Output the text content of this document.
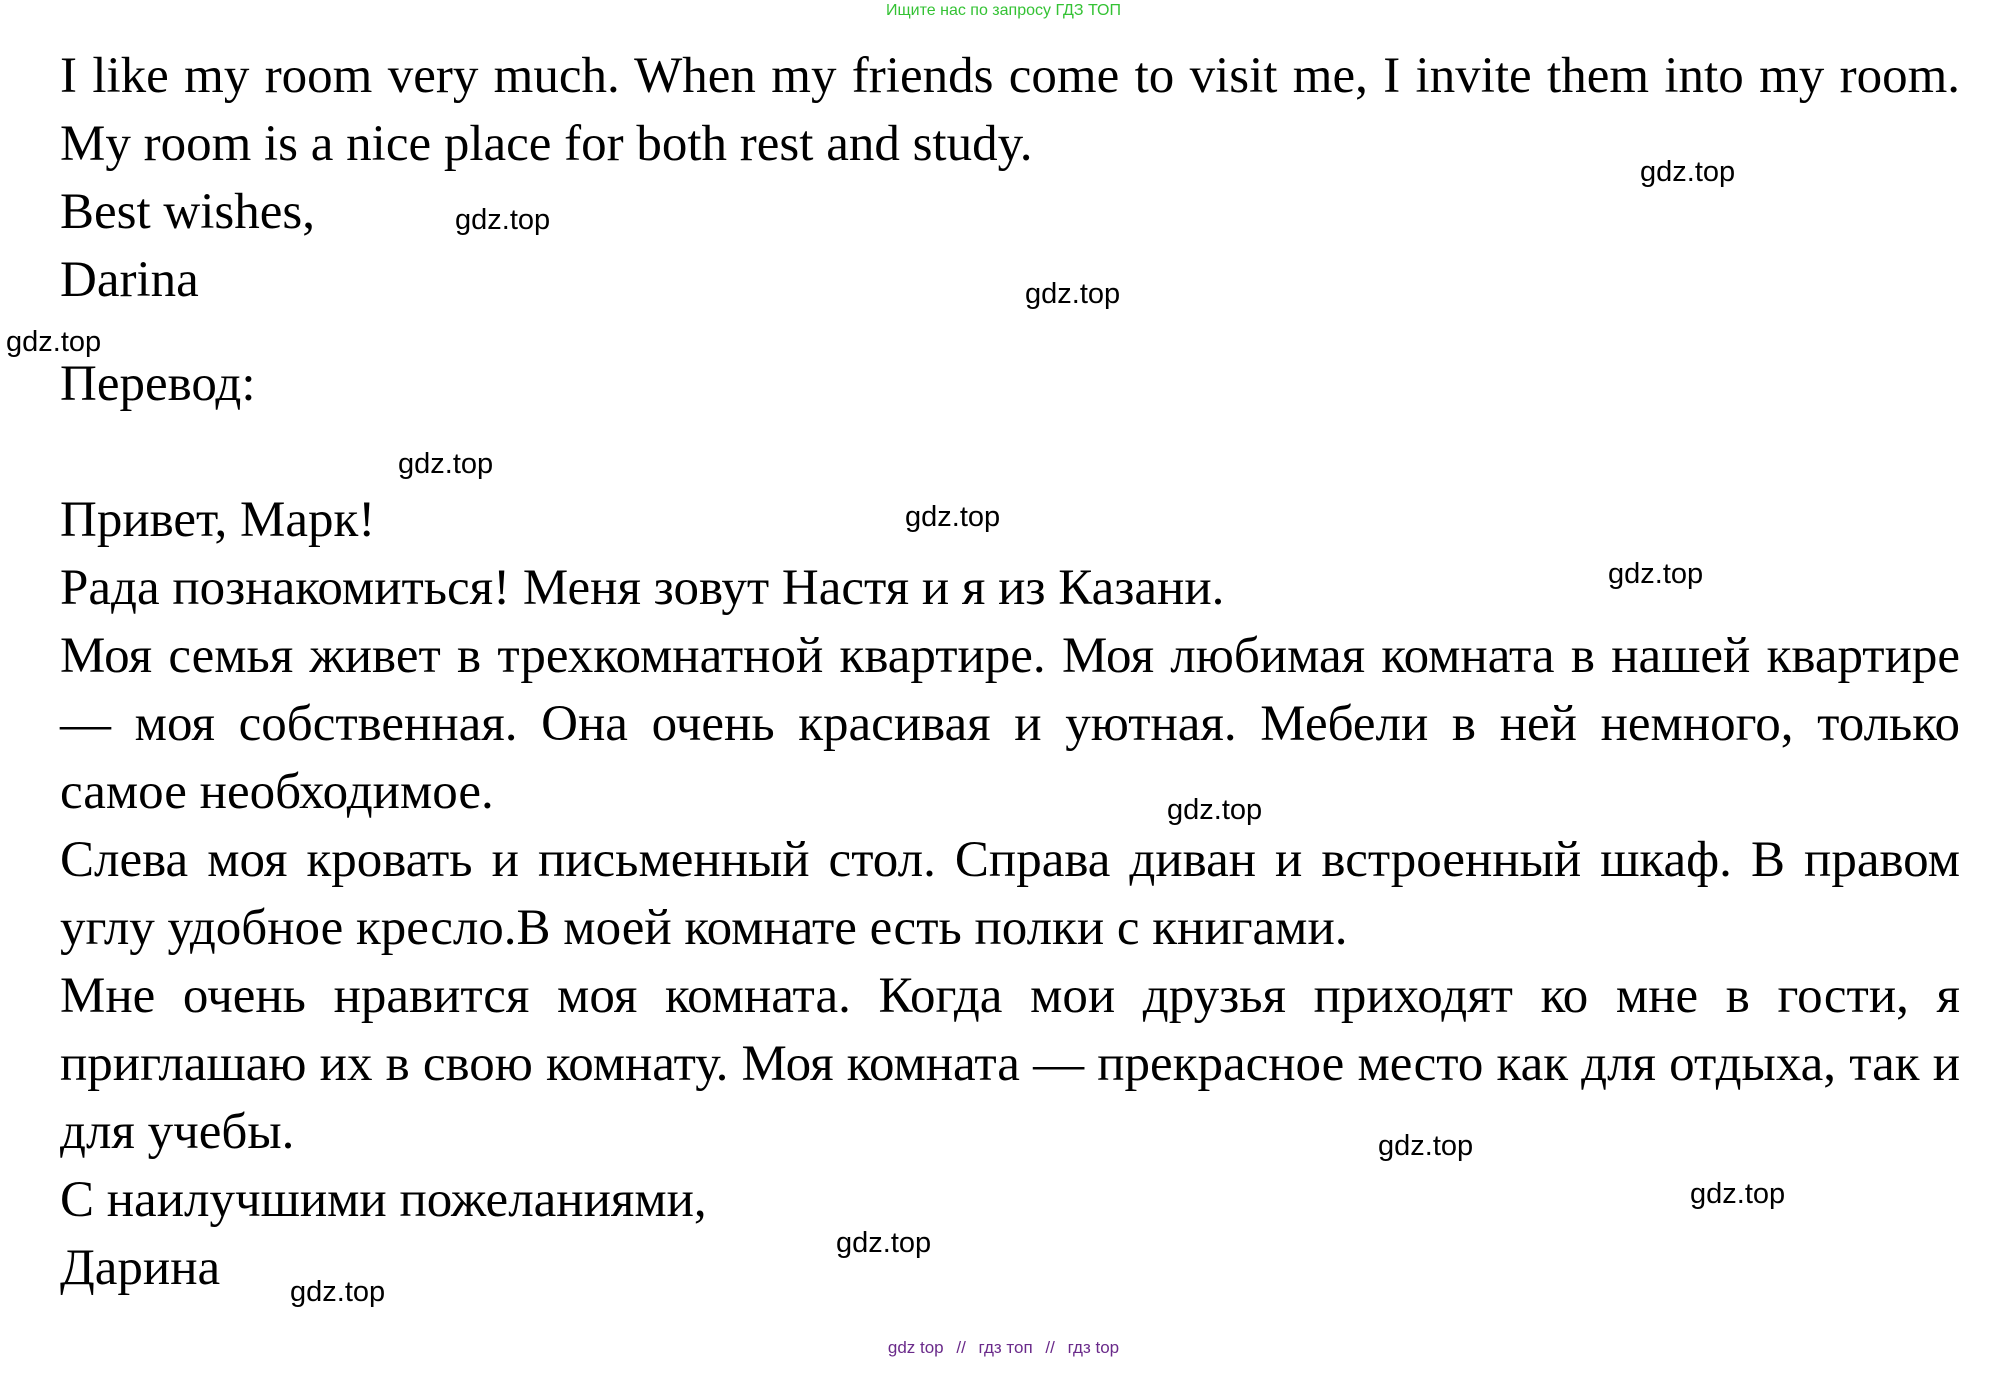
Ищите нас по запросу ГДЗ ТОП

I like my room very much. When my friends come to visit me, I invite them into my room. My room is a nice place for both rest and study.

Best wishes,

Darina

Перевод:

Привет, Марк!

Рада познакомиться! Меня зовут Настя и я из Казани.

Моя семья живет в трехкомнатной квартире. Моя любимая комната в нашей квартире — моя собственная. Она очень красивая и уютная. Мебели в ней немного, только самое необходимое.

Слева моя кровать и письменный стол. Справа диван и встроенный шкаф. В правом углу удобное кресло.В моей комнате есть полки с книгами.

Мне очень нравится моя комната. Когда мои друзья приходят ко мне в гости, я приглашаю их в свою комнату. Моя комната — прекрасное место как для отдыха, так и для учебы.

С наилучшими пожеланиями,

Дарина

gdz.top
gdz.top
gdz.top
gdz.top
gdz.top
gdz.top
gdz.top
gdz.top
gdz.top
gdz.top
gdz.top
gdz.top
gdz top // гдз топ // гдз top
